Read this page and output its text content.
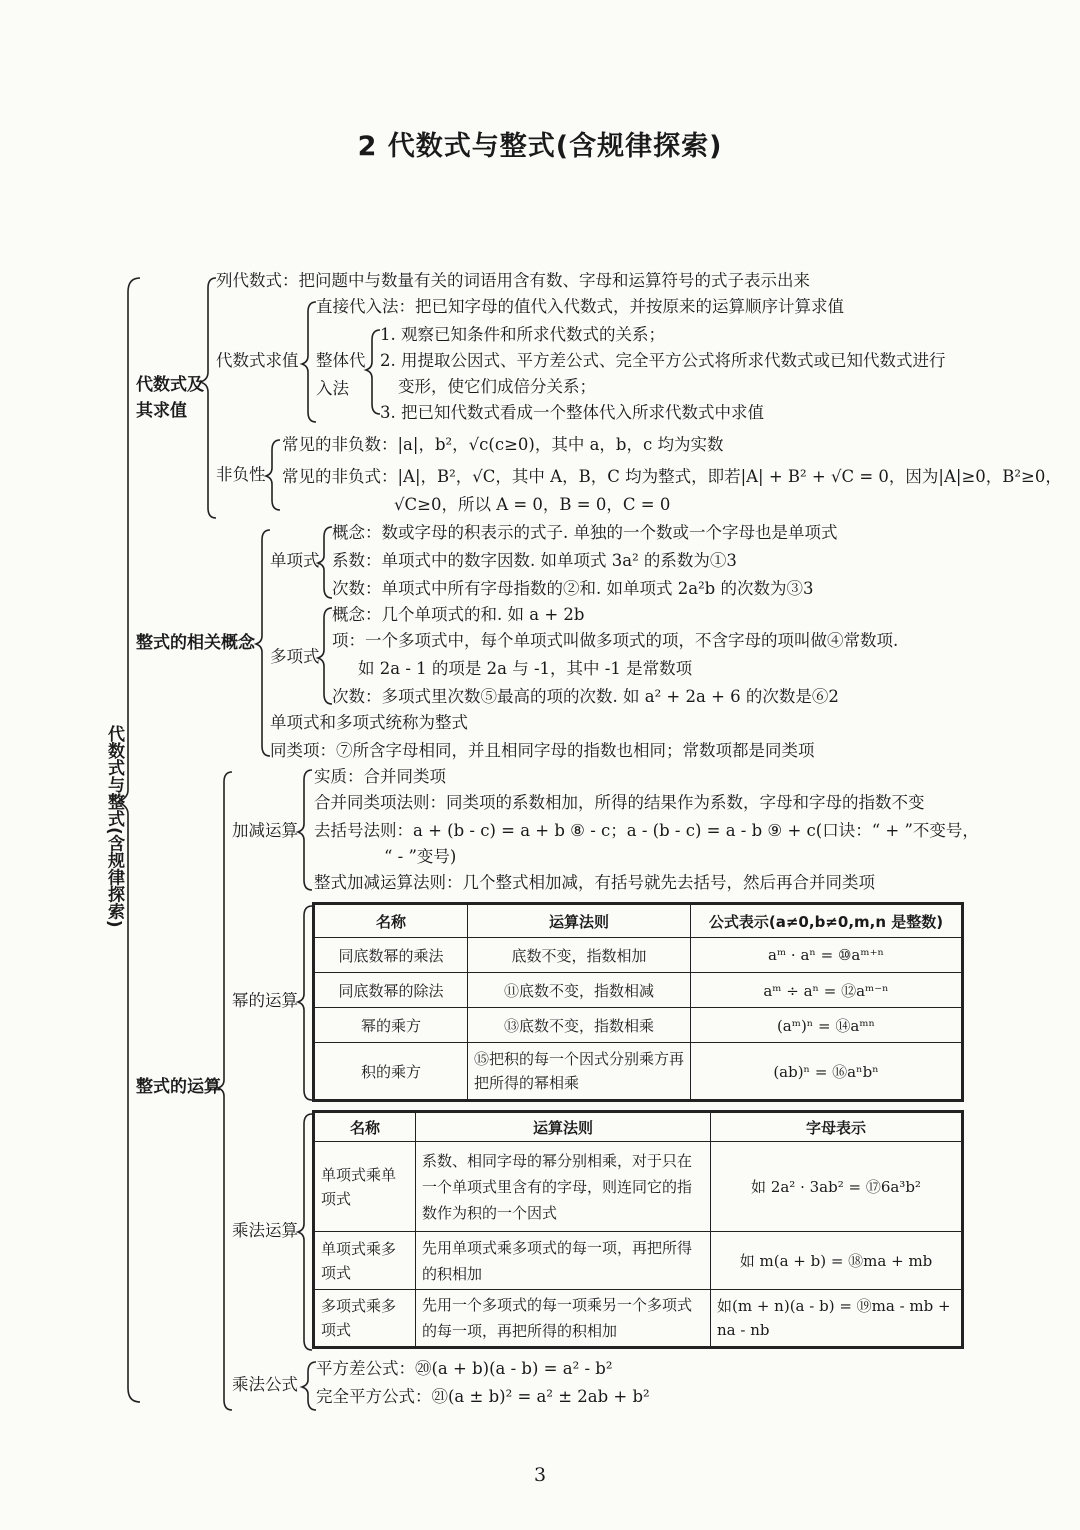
2 代数式与整式(含规律探索)
代数式与整式(含规律探索)
代数式及其求值
整式的相关概念
整式的运算
列代数式：把问题中与数量有关的词语用含有数、字母和运算符号的式子表示出来
代数式求值
直接代入法：把已知字母的值代入代数式，并按原来的运算顺序计算求值
整体代
入法
1. 观察已知条件和所求代数式的关系；
2. 用提取公因式、平方差公式、完全平方公式将所求代数式或已知代数式进行
变形，使它们成倍分关系；
3. 把已知代数式看成一个整体代入所求代数式中求值
非负性
常见的非负数：|a|，b²，√c(c≥0)，其中 a，b，c 均为实数
常见的非负式：|A|，B²，√C，其中 A，B，C 均为整式，即若|A| + B² + √C = 0，因为|A|≥0，B²≥0，
√C≥0，所以 A = 0，B = 0，C = 0
单项式
概念：数或字母的积表示的式子. 单独的一个数或一个字母也是单项式
系数：单项式中的数字因数. 如单项式 3a² 的系数为①3
次数：单项式中所有字母指数的②和. 如单项式 2a²b 的次数为③3
多项式
概念：几个单项式的和. 如 a + 2b
项：一个多项式中，每个单项式叫做多项式的项，不含字母的项叫做④常数项.
如 2a - 1 的项是 2a 与 -1，其中 -1 是常数项
次数：多项式里次数⑤最高的项的次数. 如 a² + 2a + 6 的次数是⑥2
单项式和多项式统称为整式
同类项：⑦所含字母相同，并且相同字母的指数也相同；常数项都是同类项
加减运算
实质：合并同类项
合并同类项法则：同类项的系数相加，所得的结果作为系数，字母和字母的指数不变
去括号法则：a + (b - c) = a + b ⑧ - c；a - (b - c) = a - b ⑨ + c(口诀：“ + ”不变号，
“ - ”变号)
整式加减运算法则：几个整式相加减，有括号就先去括号，然后再合并同类项
幂的运算
乘法运算
乘法公式
平方差公式：⑳(a + b)(a - b) = a² - b²
完全平方公式：㉑(a ± b)² = a² ± 2ab + b²
名称	运算法则	公式表示(a≠0,b≠0,m,n 是整数)
同底数幂的乘法	底数不变，指数相加	aᵐ · aⁿ = ⑩aᵐ⁺ⁿ
同底数幂的除法	⑪底数不变，指数相减	aᵐ ÷ aⁿ = ⑫aᵐ⁻ⁿ
幂的乘方	⑬底数不变，指数相乘	(aᵐ)ⁿ = ⑭aᵐⁿ
积的乘方	⑮把积的每一个因式分别乘方再把所得的幂相乘	(ab)ⁿ = ⑯aⁿbⁿ
名称	运算法则	字母表示
单项式乘单项式	系数、相同字母的幂分别相乘，对于只在一个单项式里含有的字母，则连同它的指数作为积的一个因式	如 2a² · 3ab² = ⑰6a³b²
单项式乘多项式	先用单项式乘多项式的每一项，再把所得的积相加	如 m(a + b) = ⑱ma + mb
多项式乘多项式	先用一个多项式的每一项乘另一个多项式的每一项，再把所得的积相加	如(m + n)(a - b) = ⑲ma - mb + na - nb
3
